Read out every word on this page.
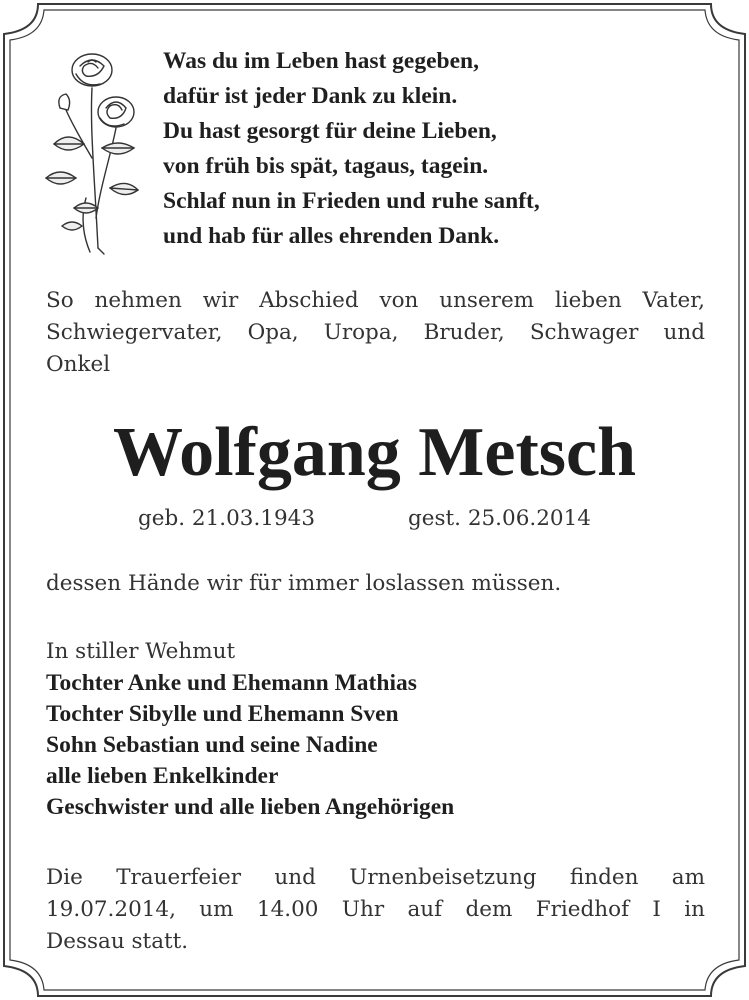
Was du im Leben hast gegeben,
dafür ist jeder Dank zu klein.
Du hast gesorgt für deine Lieben,
von früh bis spät, tagaus, tagein.
Schlaf nun in Frieden und ruhe sanft,
und hab für alles ehrenden Dank.
So nehmen wir Abschied von unserem lieben Vater,
Schwiegervater, Opa, Uropa, Bruder, Schwager und
Onkel
Wolfgang Metsch
geb. 21.03.1943	gest. 25.06.2014
dessen Hände wir für immer loslassen müssen.
In stiller Wehmut
Tochter Anke und Ehemann Mathias
Tochter Sibylle und Ehemann Sven
Sohn Sebastian und seine Nadine
alle lieben Enkelkinder
Geschwister und alle lieben Angehörigen
Die Trauerfeier und Urnenbeisetzung finden am
19.07.2014, um 14.00 Uhr auf dem Friedhof I in
Dessau statt.
